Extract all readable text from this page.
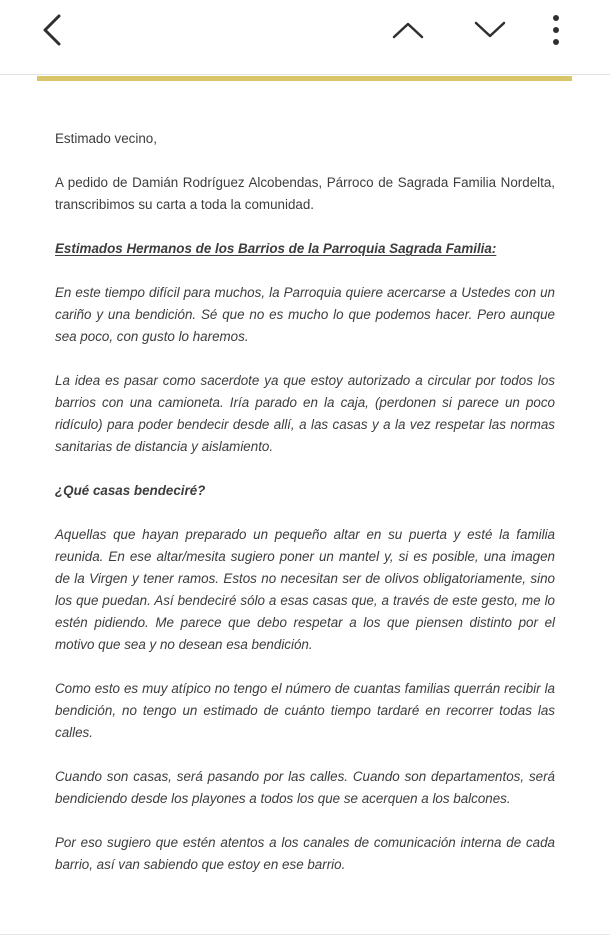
Estimado vecino,

A pedido de Damián Rodríguez Alcobendas, Párroco de Sagrada Familia Nordelta, transcribimos su carta a toda la comunidad.

Estimados Hermanos de los Barrios de la Parroquia Sagrada Familia:

En este tiempo difícil para muchos, la Parroquia quiere acercarse a Ustedes con un cariño y una bendición. Sé que no es mucho lo que podemos hacer. Pero aunque sea poco, con gusto lo haremos.

La idea es pasar como sacerdote ya que estoy autorizado a circular por todos los barrios con una camioneta. Iría parado en la caja, (perdonen si parece un poco ridículo) para poder bendecir desde allí, a las casas y a la vez respetar las normas sanitarias de distancia y aislamiento.

¿Qué casas bendeciré?

Aquellas que hayan preparado un pequeño altar en su puerta y esté la familia reunida. En ese altar/mesita sugiero poner un mantel y, si es posible, una imagen de la Virgen y tener ramos. Estos no necesitan ser de olivos obligatoriamente, sino los que puedan. Así bendeciré sólo a esas casas que, a través de este gesto, me lo estén pidiendo. Me parece que debo respetar a los que piensen distinto por el motivo que sea y no desean esa bendición.

Como esto es muy atípico no tengo el número de cuantas familias querrán recibir la bendición, no tengo un estimado de cuánto tiempo tardaré en recorrer todas las calles.

Cuando son casas, será pasando por las calles. Cuando son departamentos, será bendiciendo desde los playones a todos los que se acerquen a los balcones.

Por eso sugiero que estén atentos a los canales de comunicación interna de cada barrio, así van sabiendo que estoy en ese barrio.
